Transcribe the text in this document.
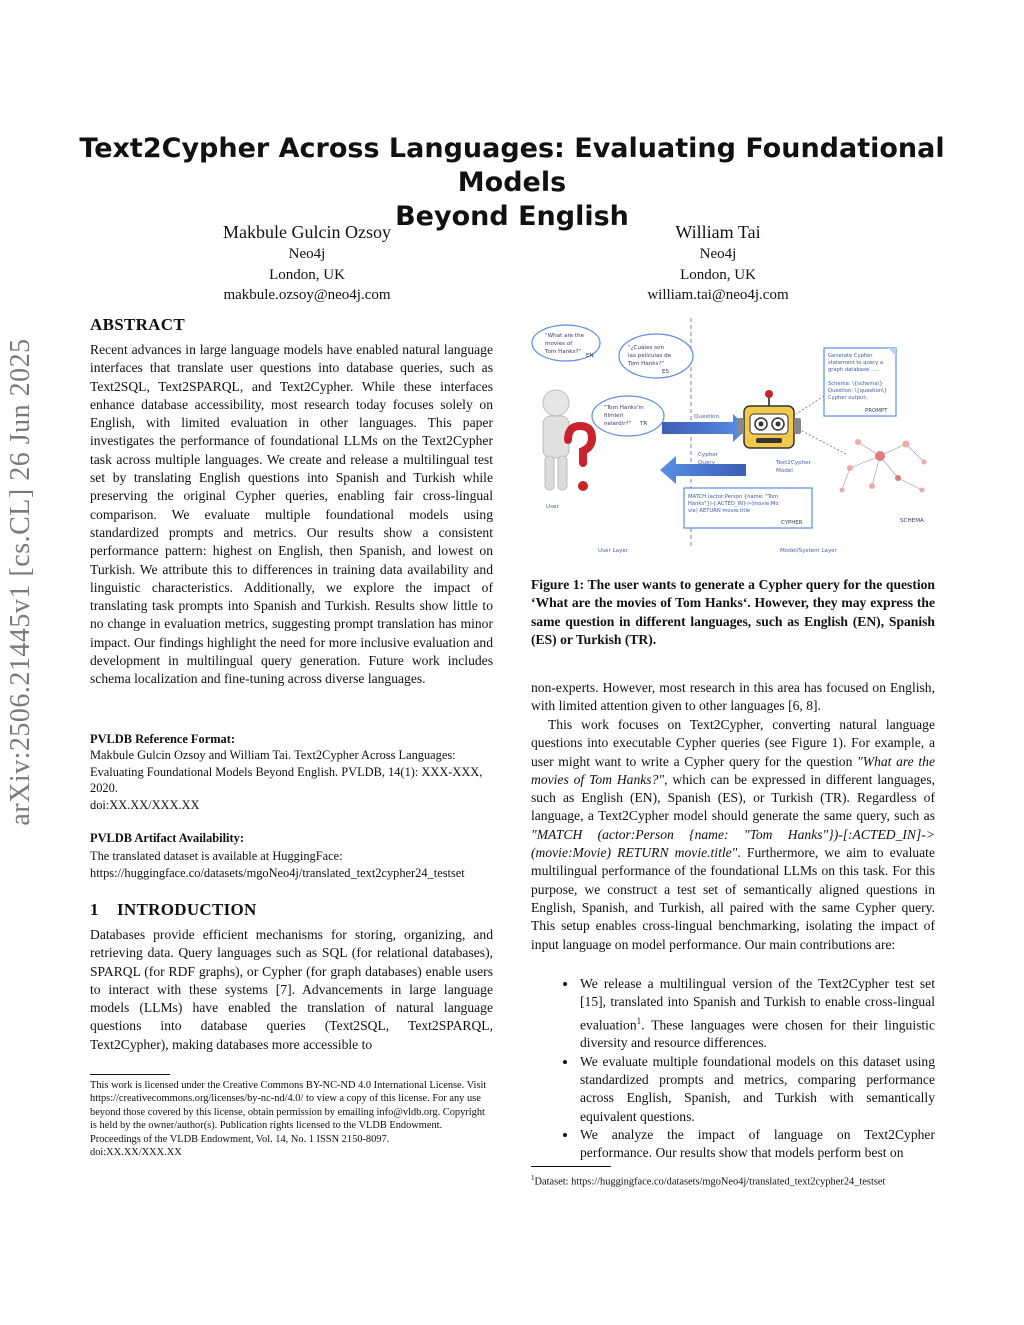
arXiv:2506.21445v1 [cs.CL] 26 Jun 2025
Text2Cypher Across Languages: Evaluating Foundational Models
Beyond English
Makbule Gulcin Ozsoy
Neo4j
London, UK
makbule.ozsoy@neo4j.com
William Tai
Neo4j
London, UK
william.tai@neo4j.com
ABSTRACT
Recent advances in large language models have enabled natural language interfaces that translate user questions into database queries, such as Text2SQL, Text2SPARQL, and Text2Cypher. While these interfaces enhance database accessibility, most research today focuses solely on English, with limited evaluation in other languages. This paper investigates the performance of foundational LLMs on the Text2Cypher task across multiple languages. We create and release a multilingual test set by translating English questions into Spanish and Turkish while preserving the original Cypher queries, enabling fair cross-lingual comparison. We evaluate multiple foundational models using standardized prompts and metrics. Our results show a consistent performance pattern: highest on English, then Spanish, and lowest on Turkish. We attribute this to differences in training data availability and linguistic characteristics. Additionally, we explore the impact of translating task prompts into Spanish and Turkish. Results show little to no change in evaluation metrics, suggesting prompt translation has minor impact. Our findings highlight the need for more inclusive evaluation and development in multilingual query generation. Future work includes schema localization and fine-tuning across diverse languages.
PVLDB Reference Format:
Makbule Gulcin Ozsoy and William Tai. Text2Cypher Across Languages: Evaluating Foundational Models Beyond English. PVLDB, 14(1): XXX-XXX, 2020.
doi:XX.XX/XXX.XX
PVLDB Artifact Availability:
The translated dataset is available at HuggingFace: https://huggingface.co/datasets/mgoNeo4j/translated_text2cypher24_testset
1 INTRODUCTION
Databases provide efficient mechanisms for storing, organizing, and retrieving data. Query languages such as SQL (for relational databases), SPARQL (for RDF graphs), or Cypher (for graph databases) enable users to interact with these systems [7]. Advancements in large language models (LLMs) have enabled the translation of natural language questions into database queries (Text2SQL, Text2SPARQL, Text2Cypher), making databases more accessible to
This work is licensed under the Creative Commons BY-NC-ND 4.0 International License. Visit https://creativecommons.org/licenses/by-nc-nd/4.0/ to view a copy of this license. For any use beyond those covered by this license, obtain permission by emailing info@vldb.org. Copyright is held by the owner/author(s). Publication rights licensed to the VLDB Endowment.
Proceedings of the VLDB Endowment, Vol. 14, No. 1 ISSN 2150-8097.
doi:XX.XX/XXX.XX
"What are the
movies of
Tom Hanks?"
EN
"¿Cuáles son
las películas de
Tom Hanks?"
ES
"Tom Hanks'in
filmleri
nelerdir?" TR
User
Question
Cypher
Query	Text2Cypher
Model
Generate Cypher
statement to query a
graph database. ....
Schema: \{schema\}
Question: \{question\}
Cypher output:
PROMPT
MATCH (actor:Person {name: "Tom
Hanks"})-[:ACTED_IN]->(movie:Mo
vie) RETURN movie.title
CYPHER	SCHEMA
User Layer	Model/System Layer
Figure 1: The user wants to generate a Cypher query for the question ‘What are the movies of Tom Hanks‘. However, they may express the same question in different languages, such as English (EN), Spanish (ES) or Turkish (TR).
non-experts. However, most research in this area has focused on English, with limited attention given to other languages [6, 8].
This work focuses on Text2Cypher, converting natural language questions into executable Cypher queries (see Figure 1). For example, a user might want to write a Cypher query for the question "What are the movies of Tom Hanks?", which can be expressed in different languages, such as English (EN), Spanish (ES), or Turkish (TR). Regardless of language, a Text2Cypher model should generate the same query, such as "MATCH (actor:Person {name: "Tom Hanks"})-[:ACTED_IN]->(movie:Movie) RETURN movie.title". Furthermore, we aim to evaluate multilingual performance of the foundational LLMs on this task. For this purpose, we construct a test set of semantically aligned questions in English, Spanish, and Turkish, all paired with the same Cypher query. This setup enables cross-lingual benchmarking, isolating the impact of input language on model performance. Our main contributions are:
• We release a multilingual version of the Text2Cypher test set [15], translated into Spanish and Turkish to enable cross-lingual evaluation$^1$. These languages were chosen for their linguistic diversity and resource differences.
• We evaluate multiple foundational models on this dataset using standardized prompts and metrics, comparing performance across English, Spanish, and Turkish with semantically equivalent questions.
• We analyze the impact of language on Text2Cypher performance. Our results show that models perform best on
$^1$Dataset: https://huggingface.co/datasets/mgoNeo4j/translated_text2cypher24_testset
